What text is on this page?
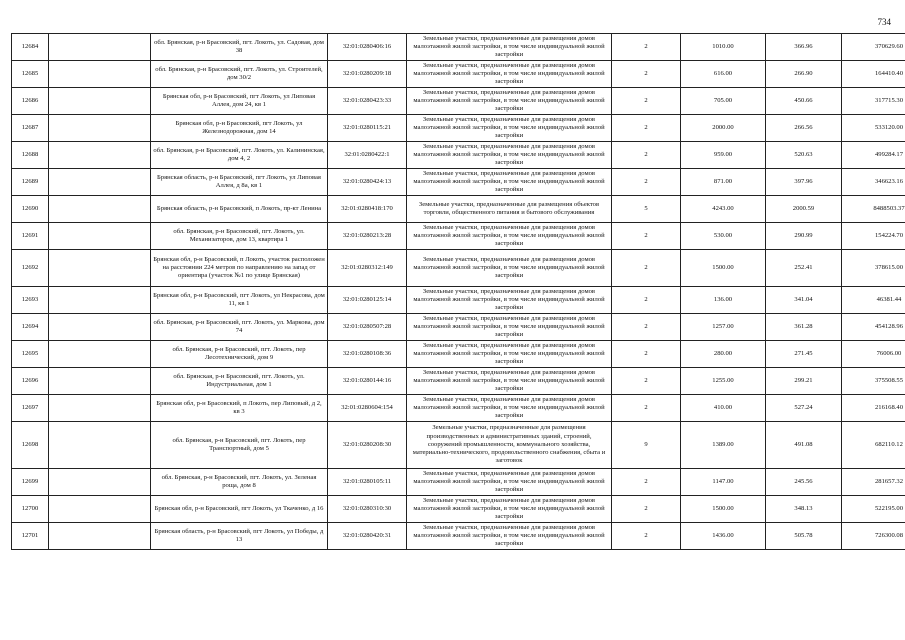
734
12684		обл. Брянская, р-н Брасовский, пгт. Локоть, ул. Садовая, дом 38	32:01:0280406:16	Земельные участки, предназначенные для размещения домов малоэтажной жилой застройки, в том числе индивидуальной жилой застройки	2	1010.00	366.96	370629.60
12685		обл. Брянская, р-н Брасовский, пгт. Локоть, ул. Строителей, дом 30/2	32:01:0280209:18	Земельные участки, предназначенные для размещения домов малоэтажной жилой застройки, в том числе индивидуальной жилой застройки	2	616.00	266.90	164410.40
12686		Брянская обл, р-н Брасовский, пгт Локоть, ул Липовая Аллея, дом 24, кв 1	32:01:0280423:33	Земельные участки, предназначенные для размещения домов малоэтажной жилой застройки, в том числе индивидуальной жилой застройки	2	705.00	450.66	317715.30
12687		Брянская обл, р-н Брасовский, пгт Локоть, ул Железнодорожная, дом 14	32:01:0280115:21	Земельные участки, предназначенные для размещения домов малоэтажной жилой застройки, в том числе индивидуальной жилой застройки	2	2000.00	266.56	533120.00
12688		обл. Брянская, р-н Брасовский, пгт. Локоть, ул. Калининская, дом 4, 2	32:01:0280422:1	Земельные участки, предназначенные для размещения домов малоэтажной жилой застройки, в том числе индивидуальной жилой застройки	2	959.00	520.63	499284.17
12689		Брянская область, р-н Брасовский, пгт Локоть, ул Липовая Аллея, д 8а, кв 1	32:01:0280424:13	Земельные участки, предназначенные для размещения домов малоэтажной жилой застройки, в том числе индивидуальной жилой застройки	2	871.00	397.96	346623.16
12690		Брянская область, р-н Брасовский, п Локоть, пр-кт Ленина	32:01:0280418:170	Земельные участки, предназначенные для размещения объектов торговли, общественного питания и бытового обслуживания	5	4243.00	2000.59	8488503.37
12691		обл. Брянская, р-н Брасовский, пгт. Локоть, ул. Механизаторов, дом 13, квартира 1	32:01:0280213:28	Земельные участки, предназначенные для размещения домов малоэтажной жилой застройки, в том числе индивидуальной жилой застройки	2	530.00	290.99	154224.70
12692		Брянская обл, р-н Брасовский, п Локоть, участок расположен на расстоянии 224 метров по направлению на запад от ориентира (участок №1 по улице Брянская)	32:01:0280312:149	Земельные участки, предназначенные для размещения домов малоэтажной жилой застройки, в том числе индивидуальной жилой застройки	2	1500.00	252.41	378615.00
12693		Брянская обл, р-н Брасовский, пгт Локоть, ул Некрасова, дом 11, кв 1	32:01:0280125:14	Земельные участки, предназначенные для размещения домов малоэтажной жилой застройки, в том числе индивидуальной жилой застройки	2	136.00	341.04	46381.44
12694		обл. Брянская, р-н Брасовский, пгт. Локоть, ул. Маркова, дом 74	32:01:0280507:28	Земельные участки, предназначенные для размещения домов малоэтажной жилой застройки, в том числе индивидуальной жилой застройки	2	1257.00	361.28	454128.96
12695		обл. Брянская, р-н Брасовский, пгт. Локоть, пер Лесотехнический, дом 9	32:01:0280108:36	Земельные участки, предназначенные для размещения домов малоэтажной жилой застройки, в том числе индивидуальной жилой застройки	2	280.00	271.45	76006.00
12696		обл. Брянская, р-н Брасовский, пгт. Локоть, ул. Индустриальная, дом 1	32:01:0280144:16	Земельные участки, предназначенные для размещения домов малоэтажной жилой застройки, в том числе индивидуальной жилой застройки	2	1255.00	299.21	375508.55
12697		Брянская обл, р-н Брасовский, п Локоть, пер Липовый, д 2, кв 3	32:01:0280604:154	Земельные участки, предназначенные для размещения домов малоэтажной жилой застройки, в том числе индивидуальной жилой застройки	2	410.00	527.24	216168.40
12698		обл. Брянская, р-н Брасовский, пгт. Локоть, пер Транспортный, дом 5	32:01:0280208:30	Земельные участки, предназначенные для размещения производственных и административных зданий, строений, сооружений промышленности, коммунального хозяйства, материально-технического, продовольственного снабжения, сбыта и заготовок	9	1389.00	491.08	682110.12
12699		обл. Брянская, р-н Брасовский, пгт. Локоть, ул. Зеленая роща, дом 8	32:01:0280105:11	Земельные участки, предназначенные для размещения домов малоэтажной жилой застройки, в том числе индивидуальной жилой застройки	2	1147.00	245.56	281657.32
12700		Брянская обл, р-н Брасовский, пгт Локоть, ул Ткаченко, д 16	32:01:0280310:30	Земельные участки, предназначенные для размещения домов малоэтажной жилой застройки, в том числе индивидуальной жилой застройки	2	1500.00	348.13	522195.00
12701		Брянская область, р-н Брасовский, пгт Локоть, ул Победы, д 13	32:01:0280420:31	Земельные участки, предназначенные для размещения домов малоэтажной жилой застройки, в том числе индивидуальной жилой застройки	2	1436.00	505.78	726300.08
